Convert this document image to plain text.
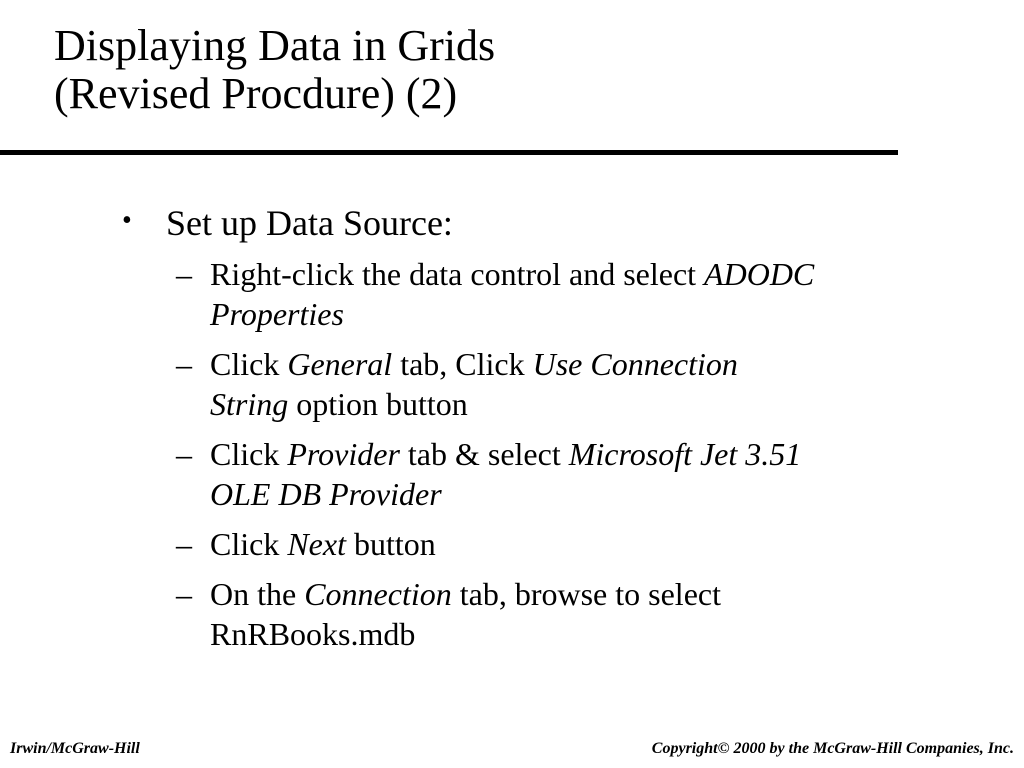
Displaying Data in Grids
(Revised Procdure) (2)
• Set up Data Source:
– Right-click the data control and select ADODC
Properties
– Click General tab, Click Use Connection
String option button
– Click Provider tab & select Microsoft Jet 3.51
OLE DB Provider
– Click Next button
– On the Connection tab, browse to select
RnRBooks.mdb
Irwin/McGraw-Hill	Copyright© 2000 by the McGraw-Hill Companies, Inc.
